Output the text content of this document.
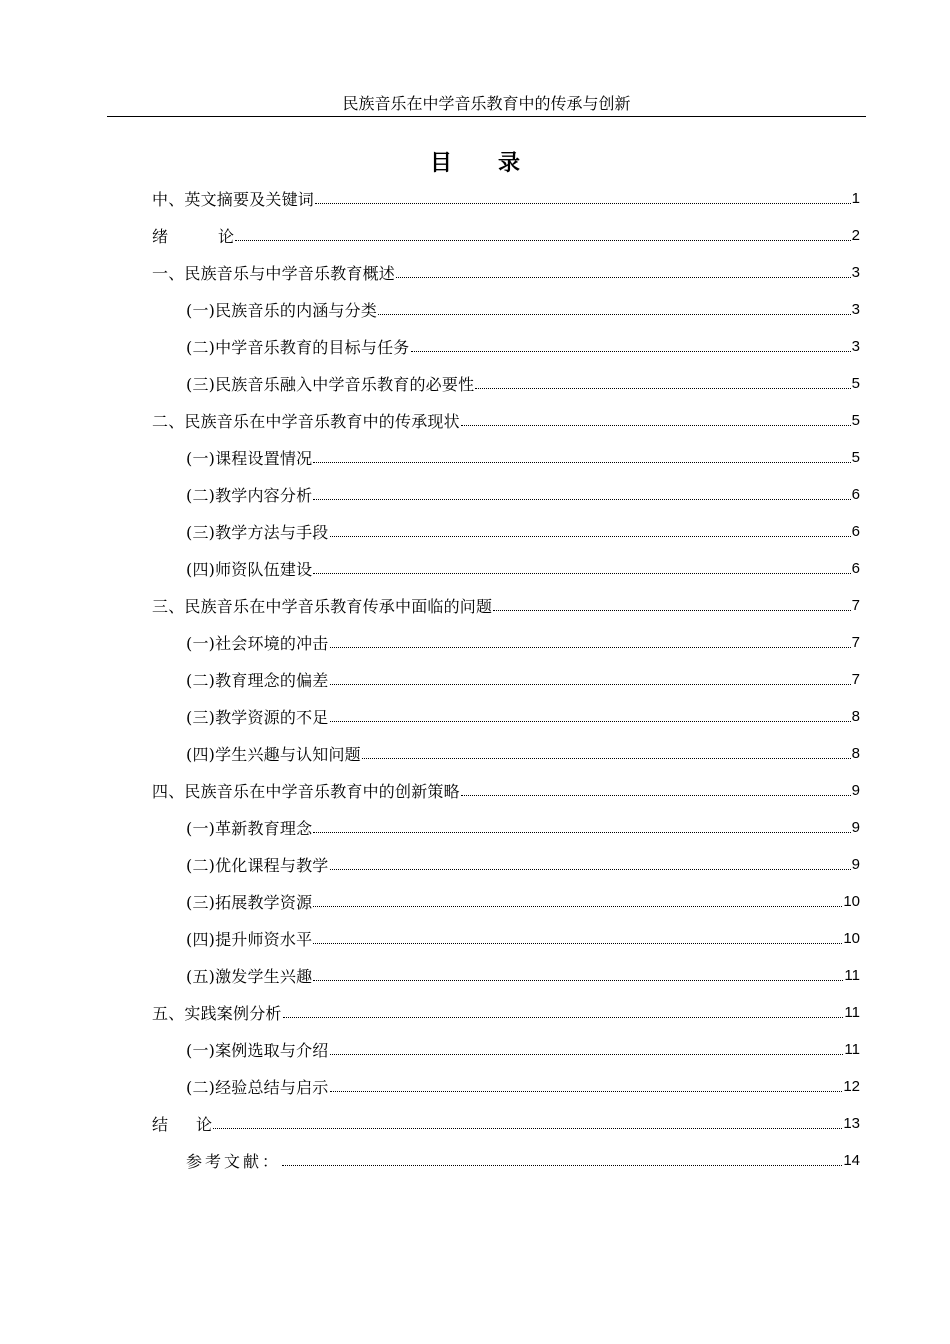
民族音乐在中学音乐教育中的传承与创新
目 录
中、英文摘要及关键词	1
绪	论	2
一、民族音乐与中学音乐教育概述	3
(一)民族音乐的内涵与分类	3
(二)中学音乐教育的目标与任务	3
(三)民族音乐融入中学音乐教育的必要性	5
二、民族音乐在中学音乐教育中的传承现状	5
(一)课程设置情况	5
(二)教学内容分析	6
(三)教学方法与手段	6
(四)师资队伍建设	6
三、民族音乐在中学音乐教育传承中面临的问题	7
(一)社会环境的冲击	7
(二)教育理念的偏差	7
(三)教学资源的不足	8
(四)学生兴趣与认知问题	8
四、民族音乐在中学音乐教育中的创新策略	9
(一)革新教育理念	9
(二)优化课程与教学	9
(三)拓展教学资源	10
(四)提升师资水平	10
(五)激发学生兴趣	11
五、实践案例分析	11
(一)案例选取与介绍	11
(二)经验总结与启示	12
结 论	13
参考文献：	14
